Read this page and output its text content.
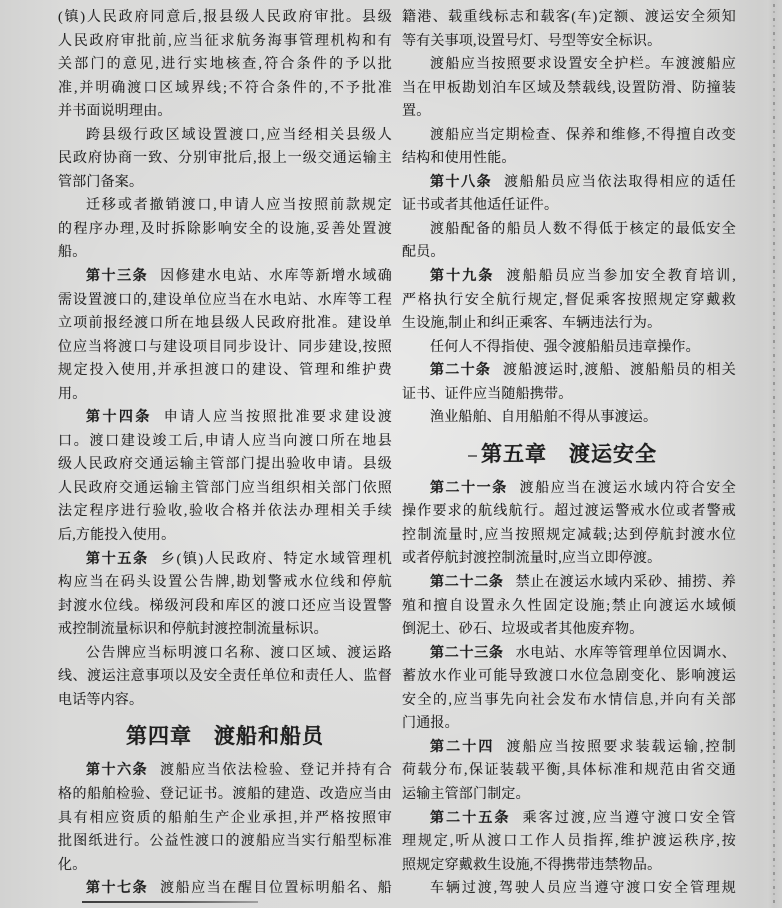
(镇)人民政府同意后,报县级人民政府审批。县级
人民政府审批前,应当征求航务海事管理机构和有
关部门的意见,进行实地核查,符合条件的予以批
准,并明确渡口区域界线;不符合条件的,不予批准
并书面说明理由。
跨县级行政区域设置渡口,应当经相关县级人
民政府协商一致、分别审批后,报上一级交通运输主
管部门备案。
迁移或者撤销渡口,申请人应当按照前款规定
的程序办理,及时拆除影响安全的设施,妥善处置渡
船。
第十三条 因修建水电站、水库等新增水域确
需设置渡口的,建设单位应当在水电站、水库等工程
立项前报经渡口所在地县级人民政府批准。建设单
位应当将渡口与建设项目同步设计、同步建设,按照
规定投入使用,并承担渡口的建设、管理和维护费
用。
第十四条 申请人应当按照批准要求建设渡
口。渡口建设竣工后,申请人应当向渡口所在地县
级人民政府交通运输主管部门提出验收申请。县级
人民政府交通运输主管部门应当组织相关部门依照
法定程序进行验收,验收合格并依法办理相关手续
后,方能投入使用。
第十五条 乡(镇)人民政府、特定水域管理机
构应当在码头设置公告牌,勘划警戒水位线和停航
封渡水位线。梯级河段和库区的渡口还应当设置警
戒控制流量标识和停航封渡控制流量标识。
公告牌应当标明渡口名称、渡口区域、渡运路
线、渡运注意事项以及安全责任单位和责任人、监督
电话等内容。
第四章　渡船和船员
第十六条 渡船应当依法检验、登记并持有合
格的船舶检验、登记证书。渡船的建造、改造应当由
具有相应资质的船舶生产企业承担,并严格按照审
批图纸进行。公益性渡口的渡船应当实行船型标准
化。
第十七条 渡船应当在醒目位置标明船名、船
籍港、载重线标志和载客(车)定额、渡运安全须知
等有关事项,设置号灯、号型等安全标识。
渡船应当按照要求设置安全护栏。车渡渡船应
当在甲板勘划泊车区域及禁载线,设置防滑、防撞装
置。
渡船应当定期检查、保养和维修,不得擅自改变
结构和使用性能。
第十八条 渡船船员应当依法取得相应的适任
证书或者其他适任证件。
渡船配备的船员人数不得低于核定的最低安全
配员。
第十九条 渡船船员应当参加安全教育培训,
严格执行安全航行规定,督促乘客按照规定穿戴救
生设施,制止和纠正乘客、车辆违法行为。
任何人不得指使、强令渡船船员违章操作。
第二十条 渡船渡运时,渡船、渡船船员的相关
证书、证件应当随船携带。
渔业船舶、自用船舶不得从事渡运。
第五章　渡运安全
第二十一条 渡船应当在渡运水域内符合安全
操作要求的航线航行。超过渡运警戒水位或者警戒
控制流量时,应当按照规定减载;达到停航封渡水位
或者停航封渡控制流量时,应当立即停渡。
第二十二条 禁止在渡运水域内采砂、捕捞、养
殖和擅自设置永久性固定设施;禁止向渡运水域倾
倒泥土、砂石、垃圾或者其他废弃物。
第二十三条 水电站、水库等管理单位因调水、
蓄放水作业可能导致渡口水位急剧变化、影响渡运
安全的,应当事先向社会发布水情信息,并向有关部
门通报。
第二十四 渡船应当按照要求装载运输,控制
荷载分布,保证装载平衡,具体标准和规范由省交通
运输主管部门制定。
第二十五条 乘客过渡,应当遵守渡口安全管
理规定,听从渡口工作人员指挥,维护渡运秩序,按
照规定穿戴救生设施,不得携带违禁物品。
车辆过渡,驾驶人员应当遵守渡口安全管理规
